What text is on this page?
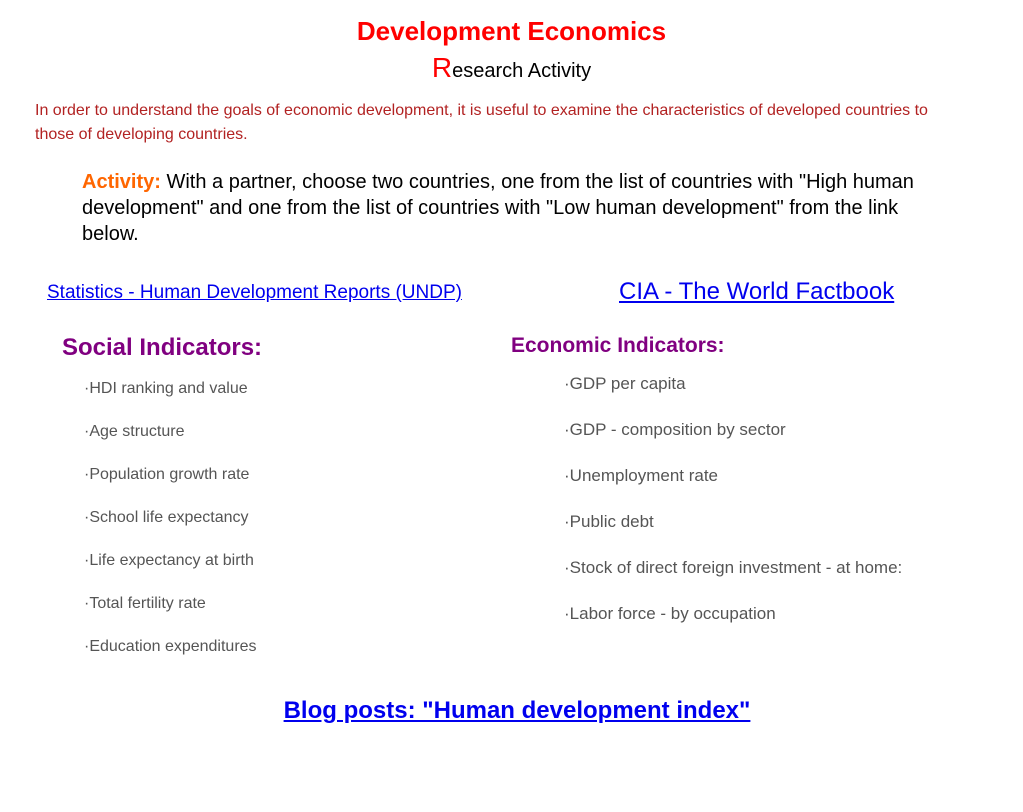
Development Economics
Research Activity
In order to understand the goals of economic development, it is useful to examine the characteristics of developed countries to those of developing countries.
Activity: With a partner, choose two countries, one from the list of countries with "High human development" and one from the list of countries with "Low human development" from the link below.
Statistics - Human Development Reports (UNDP)	CIA - The World Factbook
Social Indicators:
· HDI ranking and value
· Age structure
· Population growth rate
· School life expectancy
· Life expectancy at birth
· Total fertility rate
· Education expenditures
Economic Indicators:
· GDP per capita
· GDP - composition by sector
· Unemployment rate
· Public debt
· Stock of direct foreign investment - at home:
· Labor force - by occupation
Blog posts: "Human development index"
